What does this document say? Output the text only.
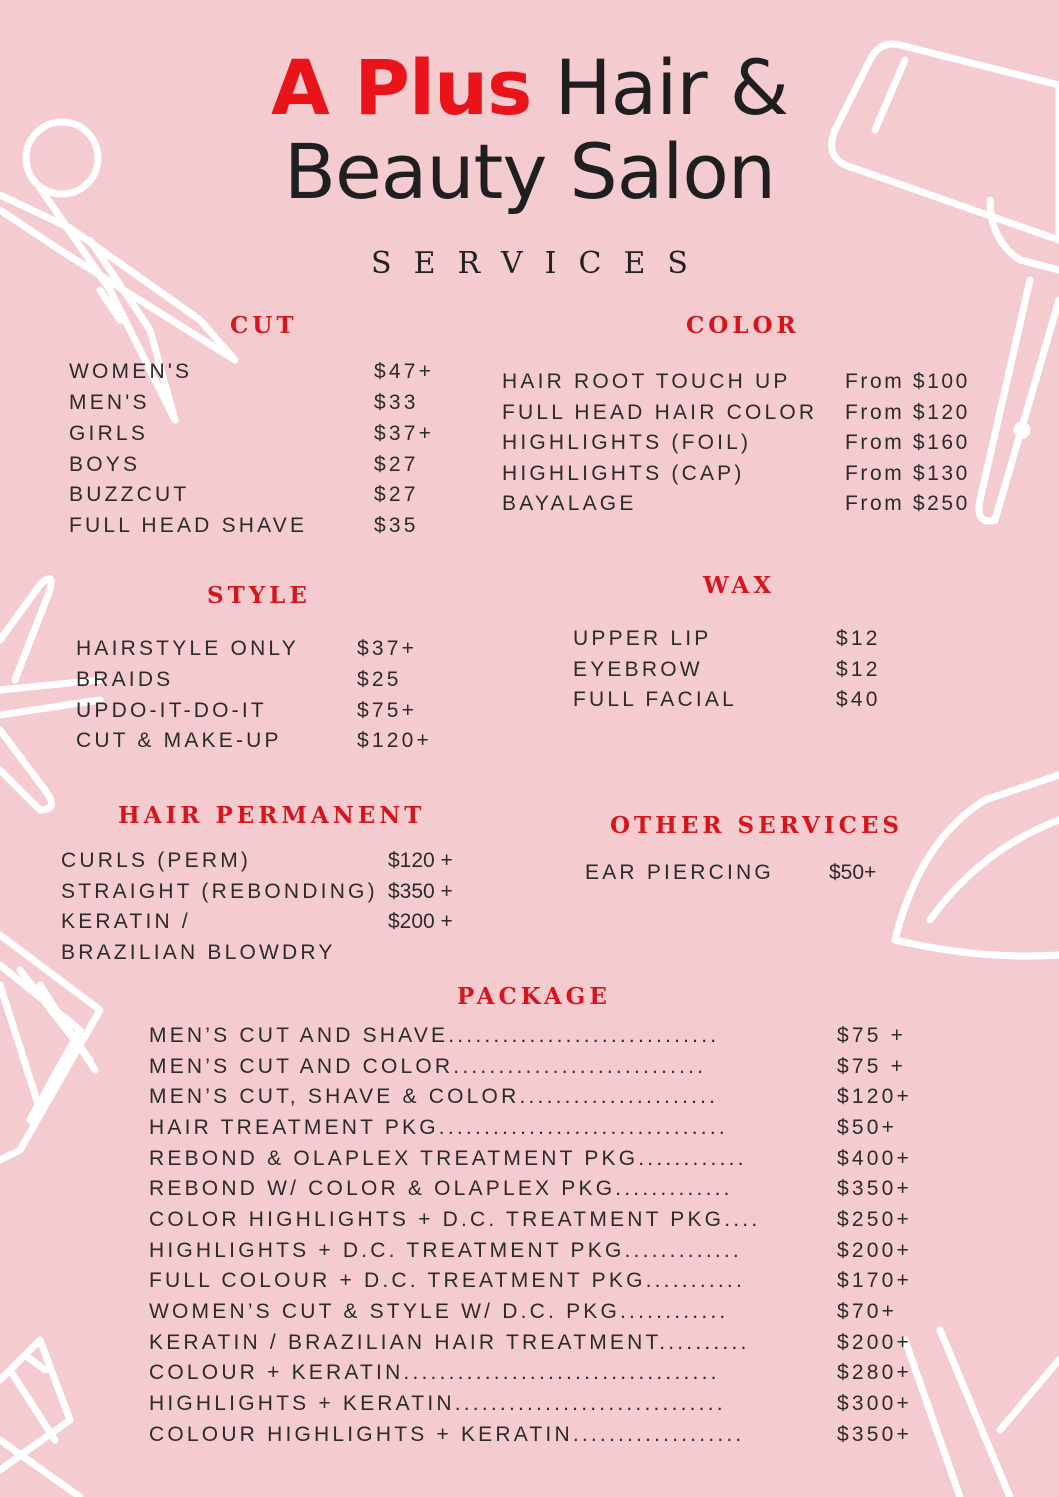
A Plus Hair &
Beauty Salon
SERVICES
CUT	COLOR
STYLE	WAX
HAIR PERMANENT	OTHER SERVICES
PACKAGE
WOMEN'S	$47+
MEN'S	$33
GIRLS	$37+
BOYS	$27
BUZZCUT	$27
FULL HEAD SHAVE	$35
HAIR ROOT TOUCH UP	From $100
FULL HEAD HAIR COLOR From $120
HIGHLIGHTS (FOIL)	From $160
HIGHLIGHTS (CAP)	From $130
BAYALAGE	From $250
HAIRSTYLE ONLY	$37+
BRAIDS	$25
UPDO-IT-DO-IT	$75+
CUT & MAKE-UP	$120+
UPPER LIP	$12
EYEBROW	$12
FULL FACIAL	$40
CURLS (PERM)	$120 +
STRAIGHT (REBONDING) $350 +
KERATIN /	$200 +
BRAZILIAN BLOWDRY
EAR PIERCING	$50+
MEN’S CUT AND SHAVE..............................	$75 +
MEN’S CUT AND COLOR............................	$75 +
MEN’S CUT, SHAVE & COLOR......................	$120+
HAIR TREATMENT PKG................................	$50+
REBOND & OLAPLEX TREATMENT PKG............	$400+
REBOND W/ COLOR & OLAPLEX PKG.............	$350+
COLOR HIGHLIGHTS + D.C. TREATMENT PKG....	$250+
HIGHLIGHTS + D.C. TREATMENT PKG.............	$200+
FULL COLOUR + D.C. TREATMENT PKG...........	$170+
WOMEN’S CUT & STYLE W/ D.C. PKG............	$70+
KERATIN / BRAZILIAN HAIR TREATMENT..........	$200+
COLOUR + KERATIN...................................	$280+
HIGHLIGHTS + KERATIN..............................	$300+
COLOUR HIGHLIGHTS + KERATIN...................	$350+
